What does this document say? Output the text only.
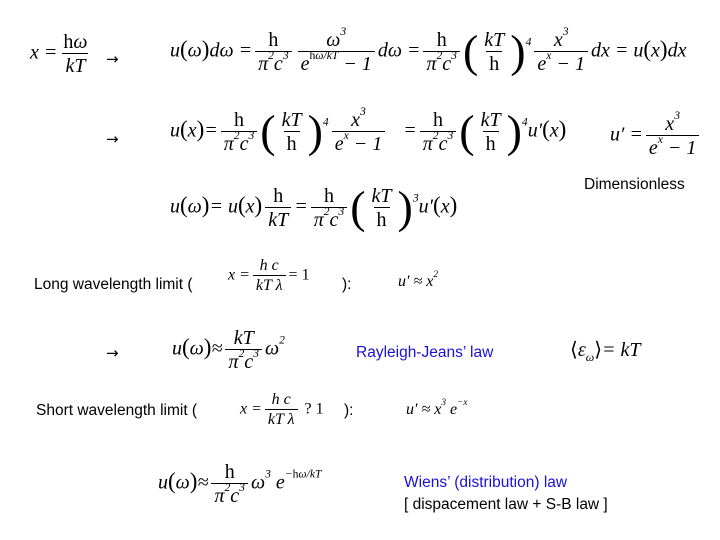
$x = \frac{h\omega}{kT}$ →	$u(\omega)d\omega = \frac{h}{\pi^2c^3} \frac{\omega^3}{e^{h\omega/kT} - 1}$ $d\omega = \frac{h}{\pi^2c^3}$ ( $\frac{kT}{h} )^4 \frac{x^3}{e^x - 1}$ dx = u(x)dx
→	$u(x)= \frac{h}{\pi^2c^3}$ ( $\frac{kT}{h} )^4 \frac{x^3}{e^x - 1} = \frac{h}{\pi^2c^3}$ ( $\frac{kT}{h} )^4u'(x)$ $u' = \frac{x^3}{e^x - 1}$
Dimensionless
$u(\omega)= u(x) \frac{h}{kT} = \frac{h}{\pi^2c^3}$ ( $\frac{kT}{h} )^3u'(x)$
Long wavelength limit (
$x = \frac{\text{h c}}{\text{kT λ}} = 1$
):	$u' \approx x^2$
→	$u(\omega)\approx \frac{kT}{\pi^2c^3} \omega^2$
Rayleigh-Jeans’ law	$⟨\varepsilon_\omega⟩=$ kT
Short wavelength limit (	$x = \frac{\text{h c}}{\text{kT λ}}$ ? 1 ):	$u' \approx x^3$ $e^{-x}$
$u(\omega)\approx \frac{h}{\pi^2c^3} \omega^3$ $e^{-h\omega/kT}$	Wiens’ (distribution) law
[ dispacement law + S-B law ]
